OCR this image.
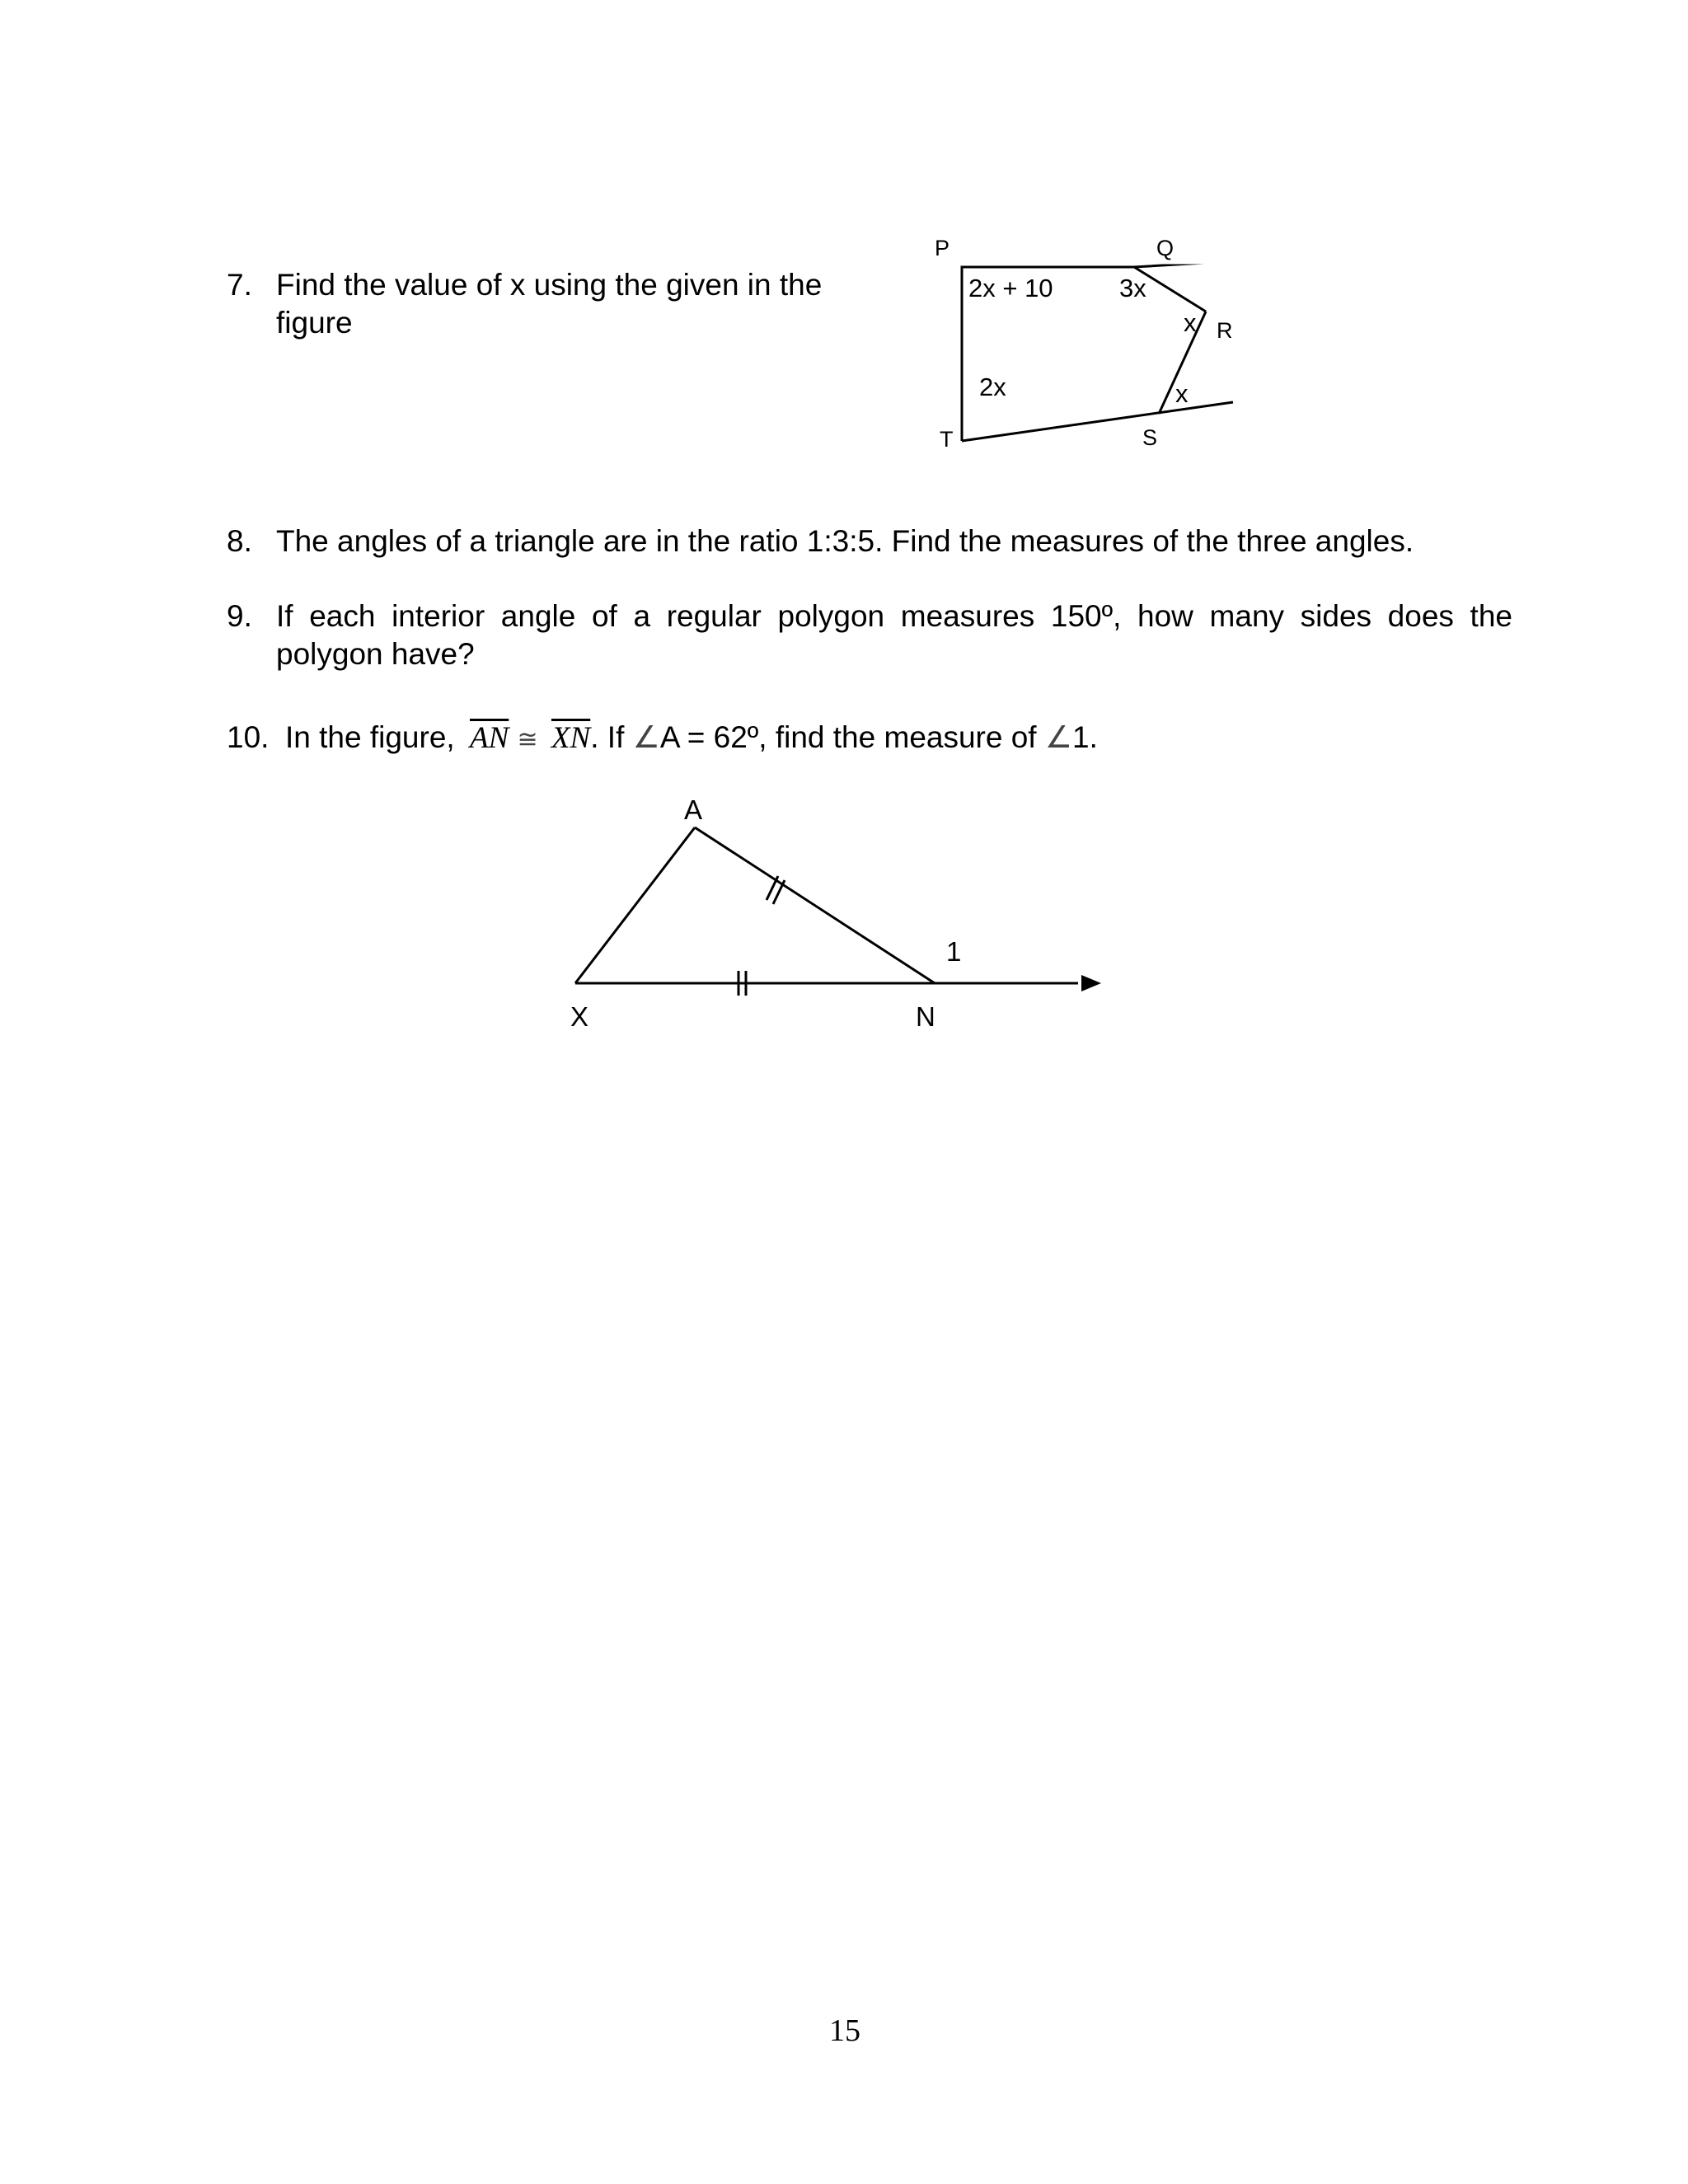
7. Find the value of x using the given in the
figure
P	Q
R
S
T
2x + 10	3x
x
x
2x
8. The angles of a triangle are in the ratio 1:3:5. Find the measures of the three angles.
9. If each interior angle of a regular polygon measures 150º, how many sides does the
polygon have?
10. In the figure, $\overline{AN}$ ≅ $\overline{XN}$. If ∠A = 62º, find the measure of ∠1.
A
X	N
1
15
